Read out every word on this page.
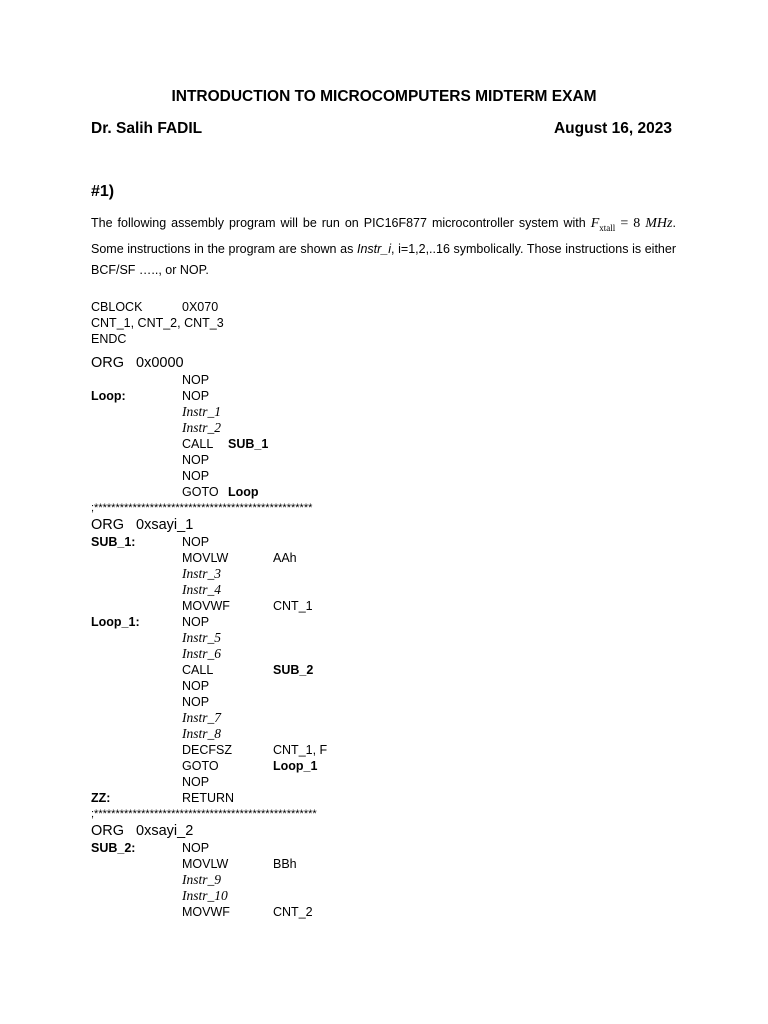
INTRODUCTION TO MICROCOMPUTERS MIDTERM EXAM
Dr. Salih FADIL	August 16, 2023
#1)
The following assembly program will be run on PIC16F877 microcontroller system with $F_{xtall} = 8$ MHz. Some instructions in the program are shown as Instr_i, i=1,2,..16 symbolically. Those instructions is either BCF/SF ….., or NOP.
CBLOCK	0X070
CNT_1, CNT_2, CNT_3
ENDC
ORG 0x0000
NOP
Loop:	NOP
Instr_1
Instr_2
CALL SUB_1
NOP
NOP
GOTO Loop
;***************************************************
ORG 0xsayi_1
SUB_1:	NOP
MOVLW	AAh
Instr_3
Instr_4
MOVWF	CNT_1
Loop_1:	NOP
Instr_5
Instr_6
CALL	SUB_2
NOP
NOP
Instr_7
Instr_8
DECFSZ	CNT_1, F
GOTO	Loop_1
NOP
ZZ:	RETURN
;****************************************************
ORG 0xsayi_2
SUB_2:	NOP
MOVLW	BBh
Instr_9
Instr_10
MOVWF	CNT_2
